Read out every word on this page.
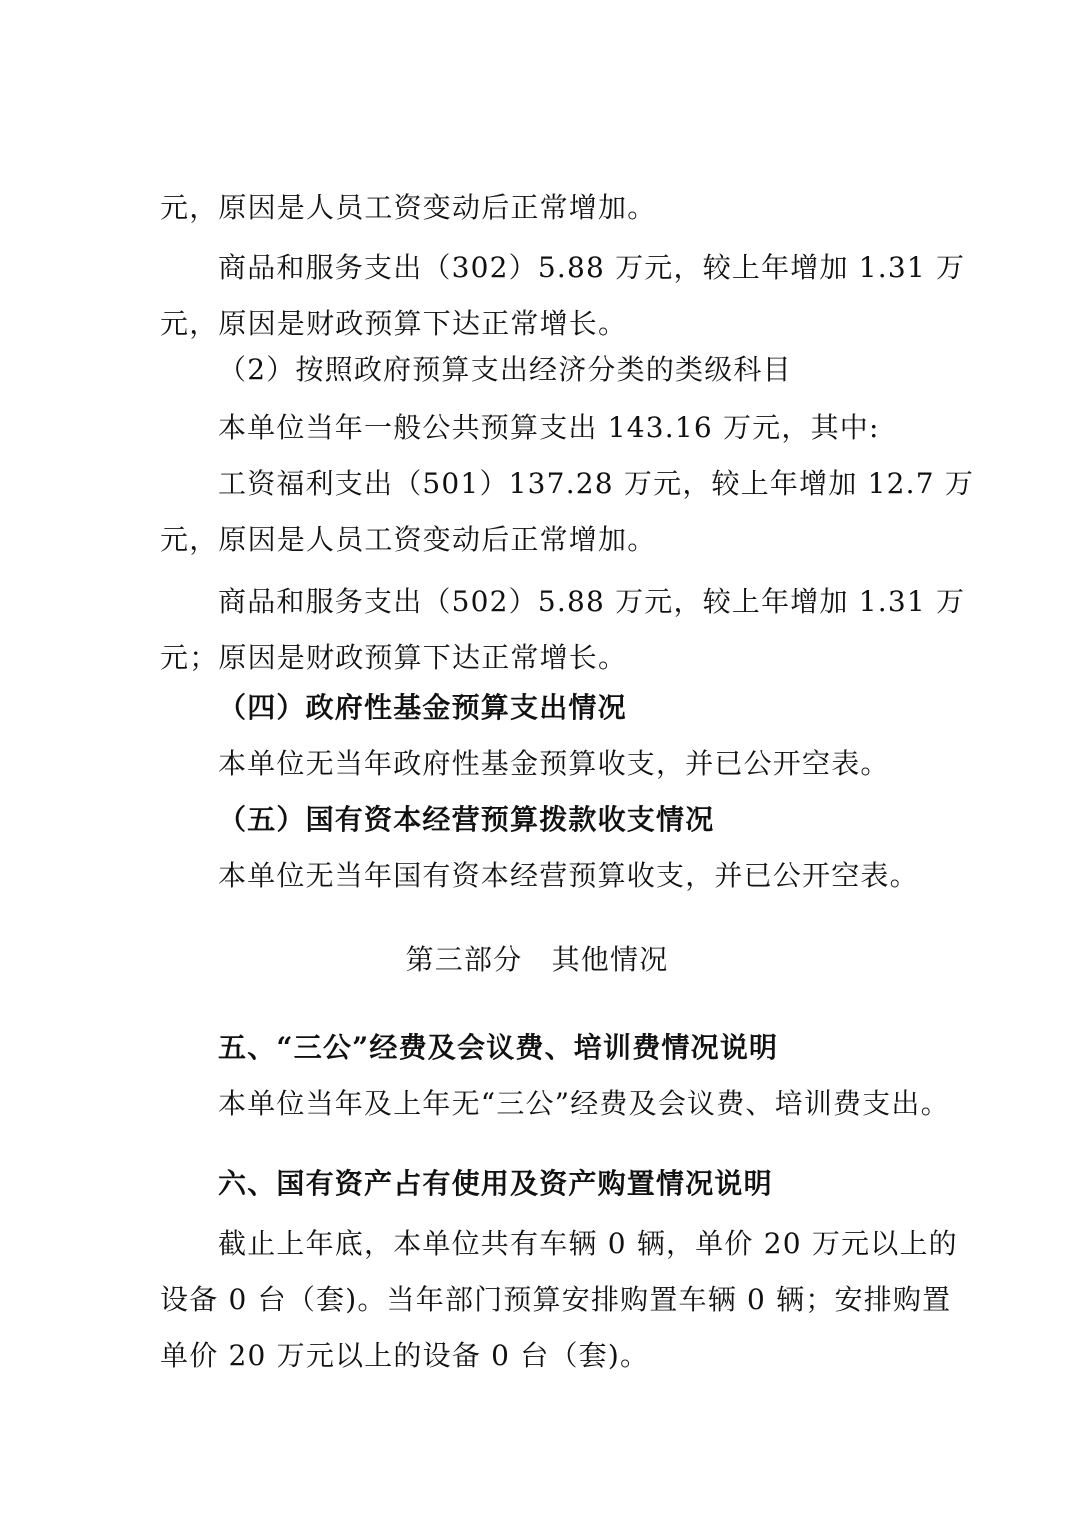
元，原因是人员工资变动后正常增加。
商品和服务支出（302）5.88 万元，较上年增加 1.31 万
元，原因是财政预算下达正常增长。
（2）按照政府预算支出经济分类的类级科目
本单位当年一般公共预算支出 143.16 万元，其中:
工资福利支出（501）137.28 万元，较上年增加 12.7 万
元，原因是人员工资变动后正常增加。
商品和服务支出（502）5.88 万元，较上年增加 1.31 万
元；原因是财政预算下达正常增长。
（四）政府性基金预算支出情况
本单位无当年政府性基金预算收支，并已公开空表。
（五）国有资本经营预算拨款收支情况
本单位无当年国有资本经营预算收支，并已公开空表。
第三部分　其他情况
五、“三公”经费及会议费、培训费情况说明
本单位当年及上年无“三公”经费及会议费、培训费支出。
六、国有资产占有使用及资产购置情况说明
截止上年底，本单位共有车辆 0 辆，单价 20 万元以上的
设备 0 台（套)。当年部门预算安排购置车辆 0 辆；安排购置
单价 20 万元以上的设备 0 台（套)。
